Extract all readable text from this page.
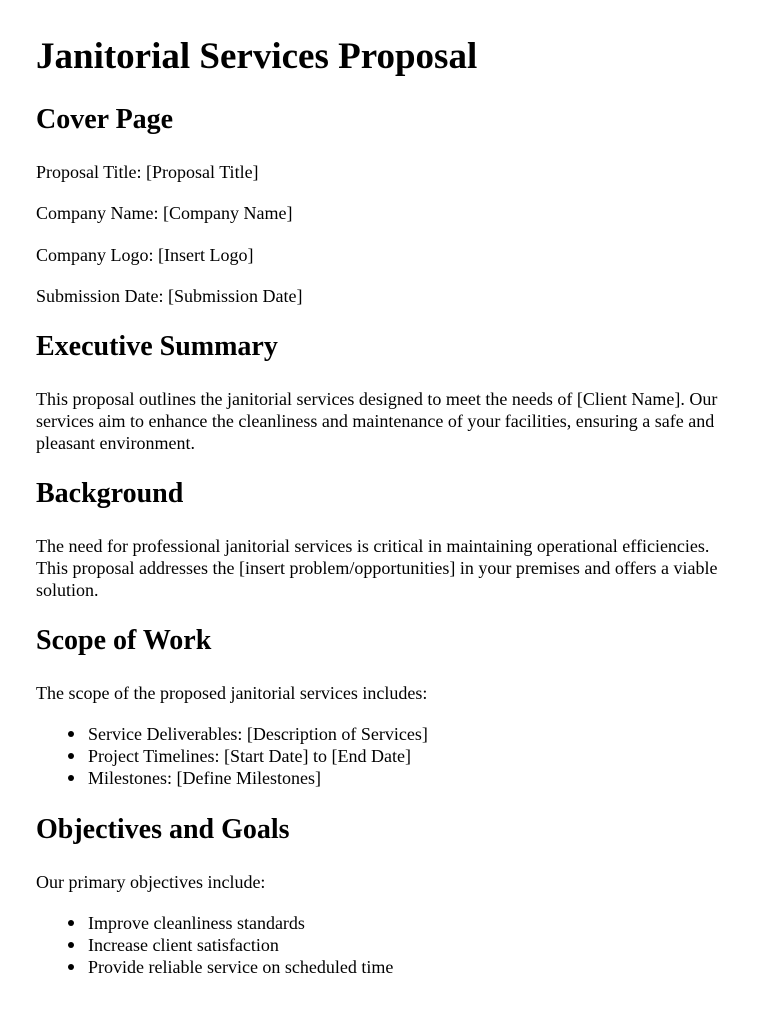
Janitorial Services Proposal
Cover Page

Proposal Title: [Proposal Title]

Company Name: [Company Name]

Company Logo: [Insert Logo]

Submission Date: [Submission Date]

Executive Summary

This proposal outlines the janitorial services designed to meet the needs of [Client Name]. Our services aim to enhance the cleanliness and maintenance of your facilities, ensuring a safe and pleasant environment.

Background

The need for professional janitorial services is critical in maintaining operational efficiencies. This proposal addresses the [insert problem/opportunities] in your premises and offers a viable solution.

Scope of Work

The scope of the proposed janitorial services includes:

Service Deliverables: [Description of Services]
Project Timelines: [Start Date] to [End Date]
Milestones: [Define Milestones]
Objectives and Goals

Our primary objectives include:

Improve cleanliness standards
Increase client satisfaction
Provide reliable service on scheduled time
